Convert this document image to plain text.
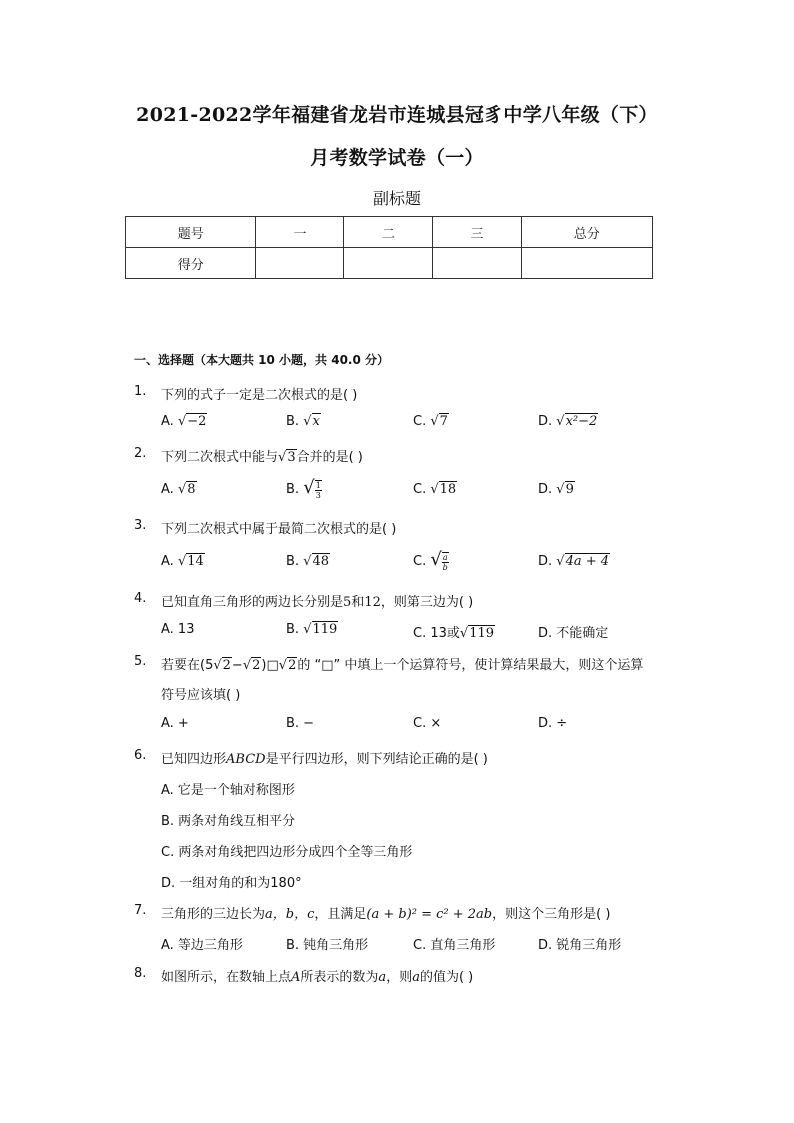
2021-2022学年福建省龙岩市连城县冠豸中学八年级（下）
月考数学试卷（一）
副标题
题号	一	二	三	总分
得分				
一、选择题（本大题共 10 小题，共 40.0 分）
1.	下列的式子一定是二次根式的是( )
A. √−2	B. √x	C. √7	D. √x²−2
2.	下列二次根式中能与√3合并的是( )
A. √8	B. √ $\frac{1}{3}$	C. √18	D. √9
3.	下列二次根式中属于最简二次根式的是( )
A. √14	B. √48	C. √ $\frac{a}{b}$	D. √4a + 4
4.	已知直角三角形的两边长分别是5和12，则第三边为( )
A. 13	B. √119	C. 13或√119	D. 不能确定
5.	若要在(5√2−√2)□√2的 “□” 中填上一个运算符号，使计算结果最大，则这个运算
符号应该填( )
A. +	B. −	C. ×	D. ÷
6.	已知四边形ABCD是平行四边形，则下列结论正确的是( )
A. 它是一个轴对称图形
B. 两条对角线互相平分
C. 两条对角线把四边形分成四个全等三角形
D. 一组对角的和为180°
7.	三角形的三边长为a，b，c，且满足(a + b)² = c² + 2ab，则这个三角形是( )
A. 等边三角形	B. 钝角三角形	C. 直角三角形	D. 锐角三角形
8.	如图所示，在数轴上点A所表示的数为a，则a的值为( )
